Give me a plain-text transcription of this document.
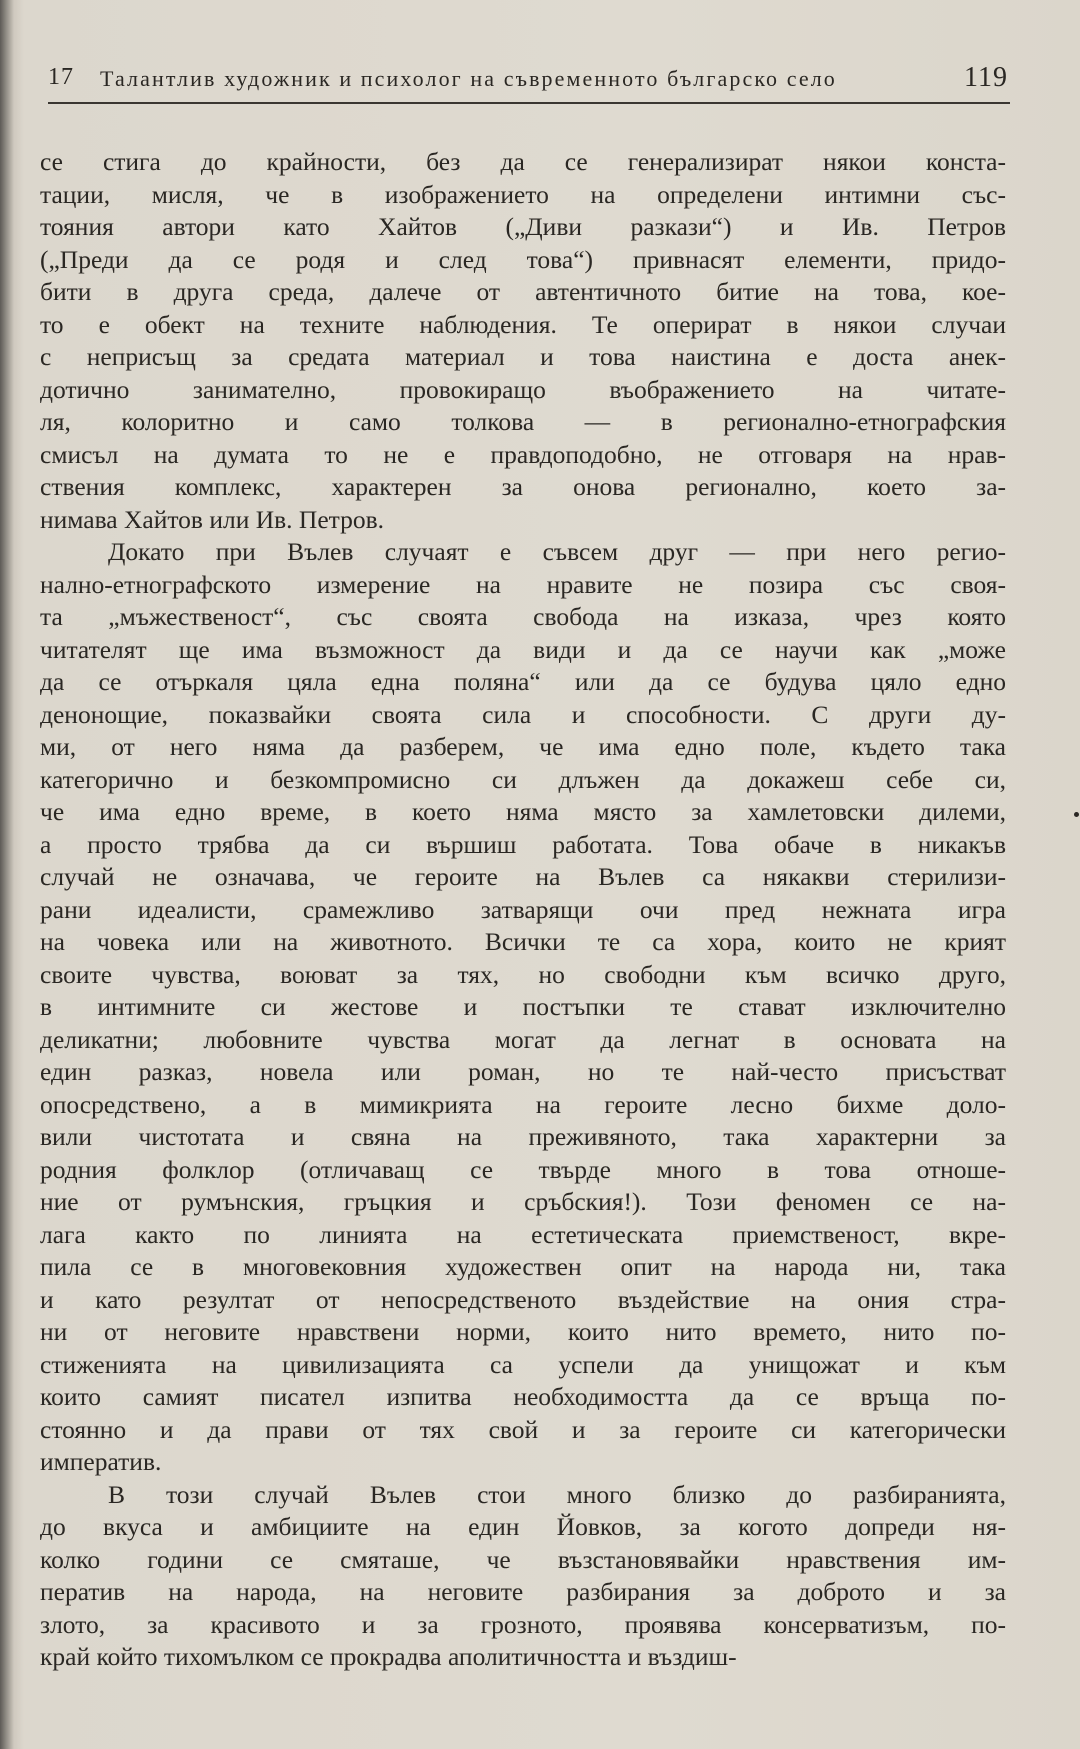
17 Талантлив художник и психолог на съвременното българско село	119
се стига до крайности, без да се генерализират някои конста-
тации, мисля, че в изображението на определени интимни със-
тояния автори като Хайтов („Диви разкази“) и Ив. Петров
(„Преди да се родя и след това“) привнасят елементи, придо-
бити в друга среда, далече от автентичното битие на това, кое-
то е обект на техните наблюдения. Те оперират в някои случаи
с неприсъщ за средата материал и това наистина е доста анек-
дотично занимателно, провокиращо въображението на читате-
ля, колоритно и само толкова — в регионално-етнографския
смисъл на думата то не е правдоподобно, не отговаря на нрав-
ствения комплекс, характерен за онова регионално, което за-
нимава Хайтов или Ив. Петров.
Докато при Вълев случаят е съвсем друг — при него регио-
нално-етнографското измерение на нравите не позира със своя-
та „мъжественост“, със своята свобода на изказа, чрез която
читателят ще има възможност да види и да се научи как „може
да се отъркаля цяла една поляна“ или да се будува цяло едно
денонощие, показвайки своята сила и способности. С други ду-
ми, от него няма да разберем, че има едно поле, където така
категорично и безкомпромисно си длъжен да докажеш себе си,
че има едно време, в което няма място за хамлетовски дилеми,
а просто трябва да си вършиш работата. Това обаче в никакъв
случай не означава, че героите на Вълев са някакви стерилизи-
рани идеалисти, срамежливо затварящи очи пред нежната игра
на човека или на животното. Всички те са хора, които не крият
своите чувства, воюват за тях, но свободни към всичко друго,
в интимните си жестове и постъпки те стават изключително
деликатни; любовните чувства могат да легнат в основата на
един разказ, новела или роман, но те най-често присъстват
опосредствено, а в мимикрията на героите лесно бихме доло-
вили чистотата и свяна на преживяното, така характерни за
родния фолклор (отличаващ се твърде много в това отноше-
ние от румънския, гръцкия и сръбския!). Този феномен се на-
лага както по линията на естетическата приемственост, вкре-
пила се в многовековния художествен опит на народа ни, така
и като резултат от непосредственото въздействие на ония стра-
ни от неговите нравствени норми, които нито времето, нито по-
стиженията на цивилизацията са успели да унищожат и към
които самият писател изпитва необходимостта да се връща по-
стоянно и да прави от тях свой и за героите си категорически
императив.
В този случай Вълев стои много близко до разбиранията,
до вкуса и амбициите на един Йовков, за когото допреди ня-
колко години се смяташе, че възстановявайки нравствения им-
ператив на народа, на неговите разбирания за доброто и за
злото, за красивото и за грозното, проявява консерватизъм, по-
край който тихомълком се прокрадва аполитичността и въздиш-
